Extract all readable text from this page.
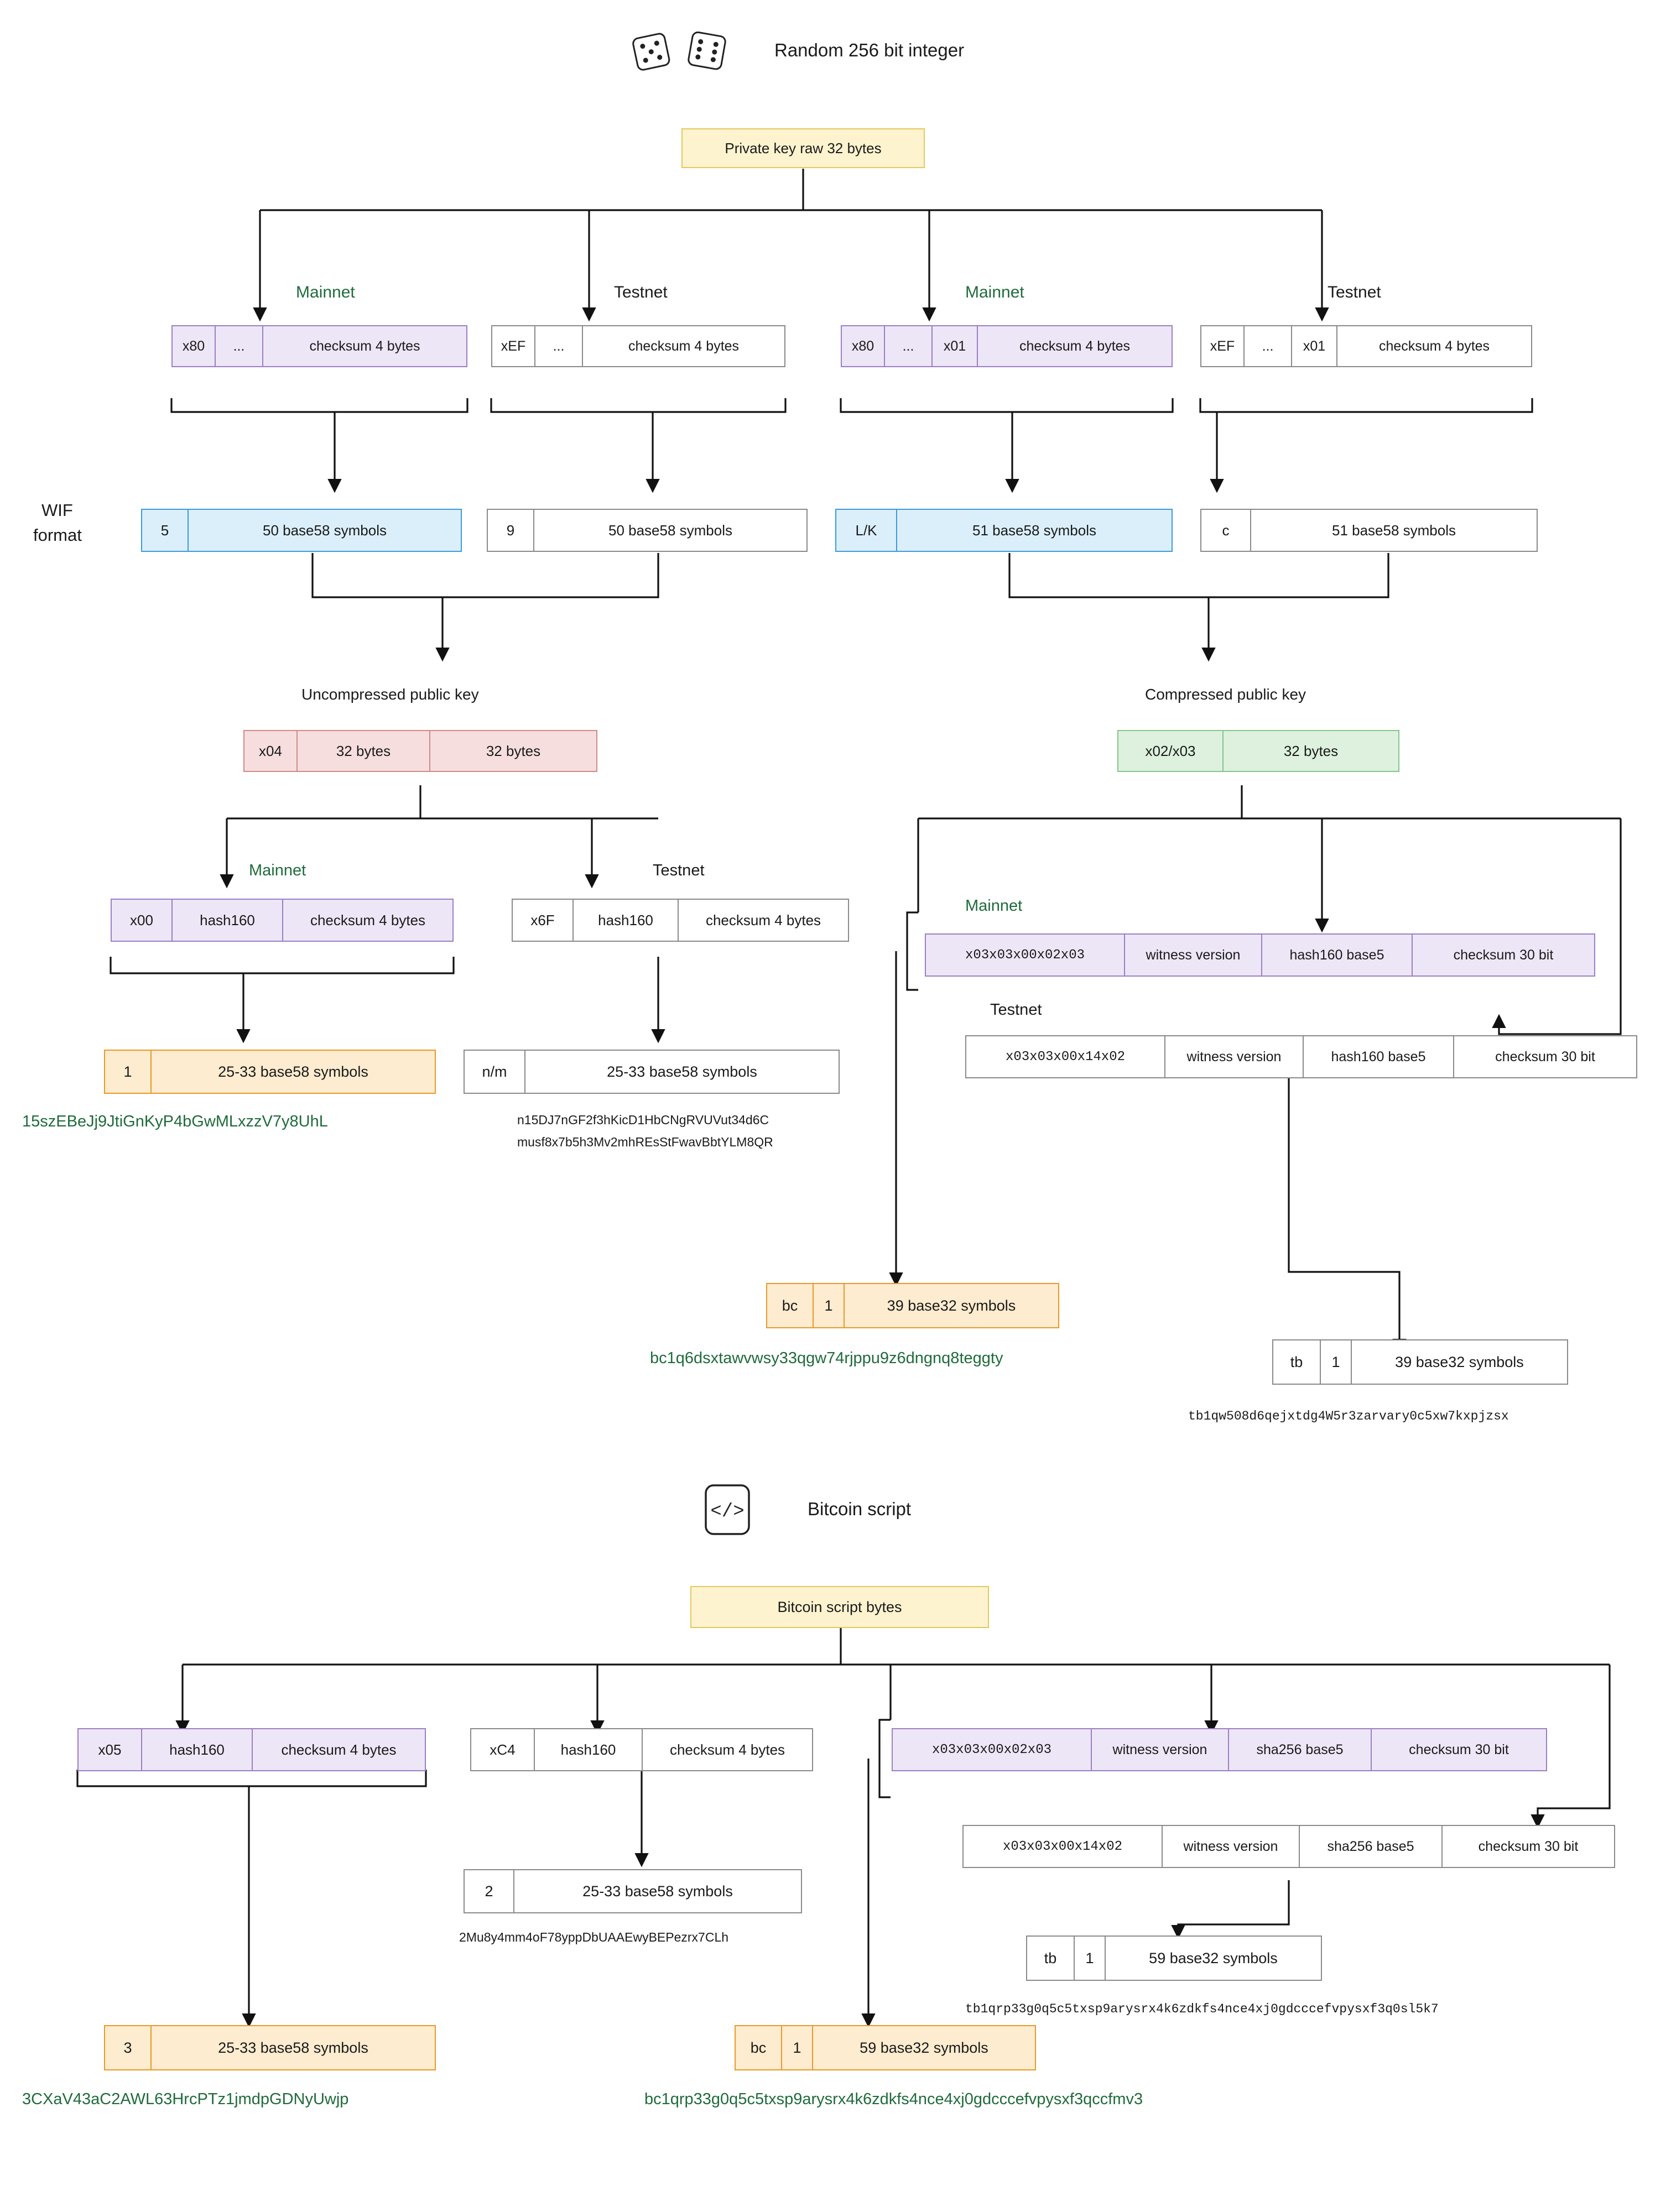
Random 256 bit integer
Private key raw 32 bytes
Mainnet
x80	...	checksum 4 bytes
Testnet
xEF	...	checksum 4 bytes
Mainnet
x80	...	x01	checksum 4 bytes
Testnet
xEF	...	x01	checksum 4 bytes
WIF
format	5	50 base58 symbols	9	50 base58 symbols	L/K	51 base58 symbols	c	51 base58 symbols
Uncompressed public key
x04	32 bytes	32 bytes
Compressed public key
x02/x03	32 bytes
Mainnet
x00	hash160	checksum 4 bytes
Testnet
x6F	hash160	checksum 4 bytes
Mainnet
x03x03x00x02x03	witness version	hash160 base5	checksum 30 bit
Testnet
x03x03x00x14x02	witness version	hash160 base5	checksum 30 bit
1	25-33 base58 symbols
15szEBeJj9JtiGnKyP4bGwMLxzzV7y8UhL
n/m	25-33 base58 symbols
n15DJ7nGF2f3hKicD1HbCNgRVUVut34d6C
musf8x7b5h3Mv2mhREsStFwavBbtYLM8QR
bc	1	39 base32 symbols
bc1q6dsxtawvwsy33qgw74rjppu9z6dngnq8teggty	tb	1	39 base32 symbols
tb1qw508d6qejxtdg4W5r3zarvary0c5xw7kxpjzsx
</>	Bitcoin script
Bitcoin script bytes
x05	hash160	checksum 4 bytes	xC4	hash160	checksum 4 bytes	x03x03x00x02x03	witness version	sha256 base5	checksum 30 bit
x03x03x00x14x02	witness version	sha256 base5	checksum 30 bit
2	25-33 base58 symbols
2Mu8y4mm4oF78yppDbUAAEwyBEPezrx7CLh
tb	1	59 base32 symbols
tb1qrp33g0q5c5txsp9arysrx4k6zdkfs4nce4xj0gdcccefvpysxf3q0sl5k7
3	25-33 base58 symbols
3CXaV43aC2AWL63HrcPTz1jmdpGDNyUwjp
bc	1	59 base32 symbols
bc1qrp33g0q5c5txsp9arysrx4k6zdkfs4nce4xj0gdcccefvpysxf3qccfmv3
